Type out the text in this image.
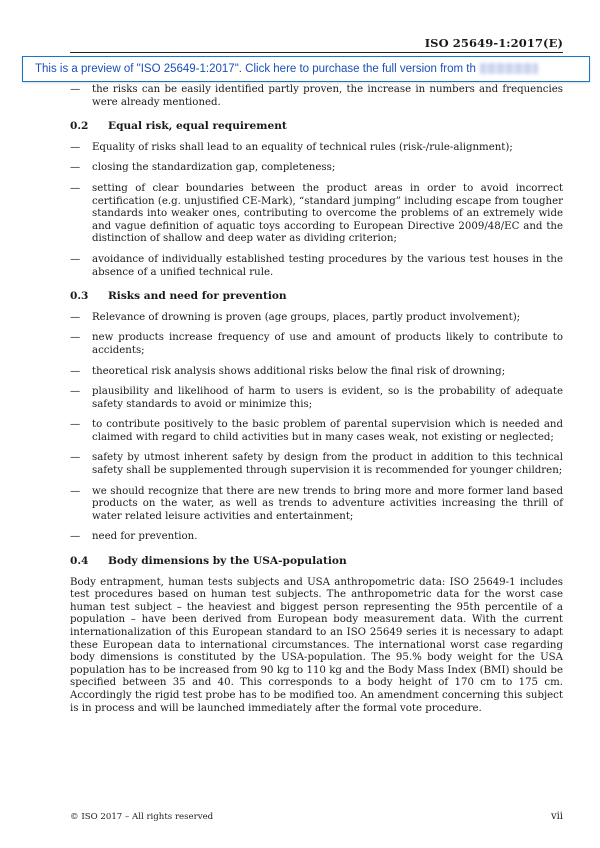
ISO 25649-1:2017(E)
This is a preview of "ISO 25649-1:2017". Click here to purchase the full version from th
—	the risks can be easily identified partly proven, the increase in numbers and frequencies were already mentioned.
0.2	Equal risk, equal requirement
—	Equality of risks shall lead to an equality of technical rules (risk-/rule-alignment);
—	closing the standardization gap, completeness;
—	setting of clear boundaries between the product areas in order to avoid incorrect certification (e.g. unjustified CE-Mark), “standard jumping” including escape from tougher standards into weaker ones, contributing to overcome the problems of an extremely wide and vague definition of aquatic toys according to European Directive 2009/48/EC and the distinction of shallow and deep water as dividing criterion;
—	avoidance of individually established testing procedures by the various test houses in the absence of a unified technical rule.
0.3	Risks and need for prevention
—	Relevance of drowning is proven (age groups, places, partly product involvement);
—	new products increase frequency of use and amount of products likely to contribute to accidents;
—	theoretical risk analysis shows additional risks below the final risk of drowning;
—	plausibility and likelihood of harm to users is evident, so is the probability of adequate safety standards to avoid or minimize this;
—	to contribute positively to the basic problem of parental supervision which is needed and claimed with regard to child activities but in many cases weak, not existing or neglected;
—	safety by utmost inherent safety by design from the product in addition to this technical safety shall be supplemented through supervision it is recommended for younger children;
—	we should recognize that there are new trends to bring more and more former land based products on the water, as well as trends to adventure activities increasing the thrill of water related leisure activities and entertainment;
—	need for prevention.
0.4	Body dimensions by the USA-population
Body entrapment, human tests subjects and USA anthropometric data: ISO 25649-1 includes test procedures based on human test subjects. The anthropometric data for the worst case human test subject – the heaviest and biggest person representing the 95th percentile of a population – have been derived from European body measurement data. With the current internationalization of this European standard to an ISO 25649 series it is necessary to adapt these European data to international circumstances. The international worst case regarding body dimensions is constituted by the USA-population. The 95.% body weight for the USA population has to be increased from 90 kg to 110 kg and the Body Mass Index (BMI) should be specified between 35 and 40. This corresponds to a body height of 170 cm to 175 cm. Accordingly the rigid test probe has to be modified too. An amendment concerning this subject is in process and will be launched immediately after the formal vote procedure.
© ISO 2017 – All rights reserved	vii
